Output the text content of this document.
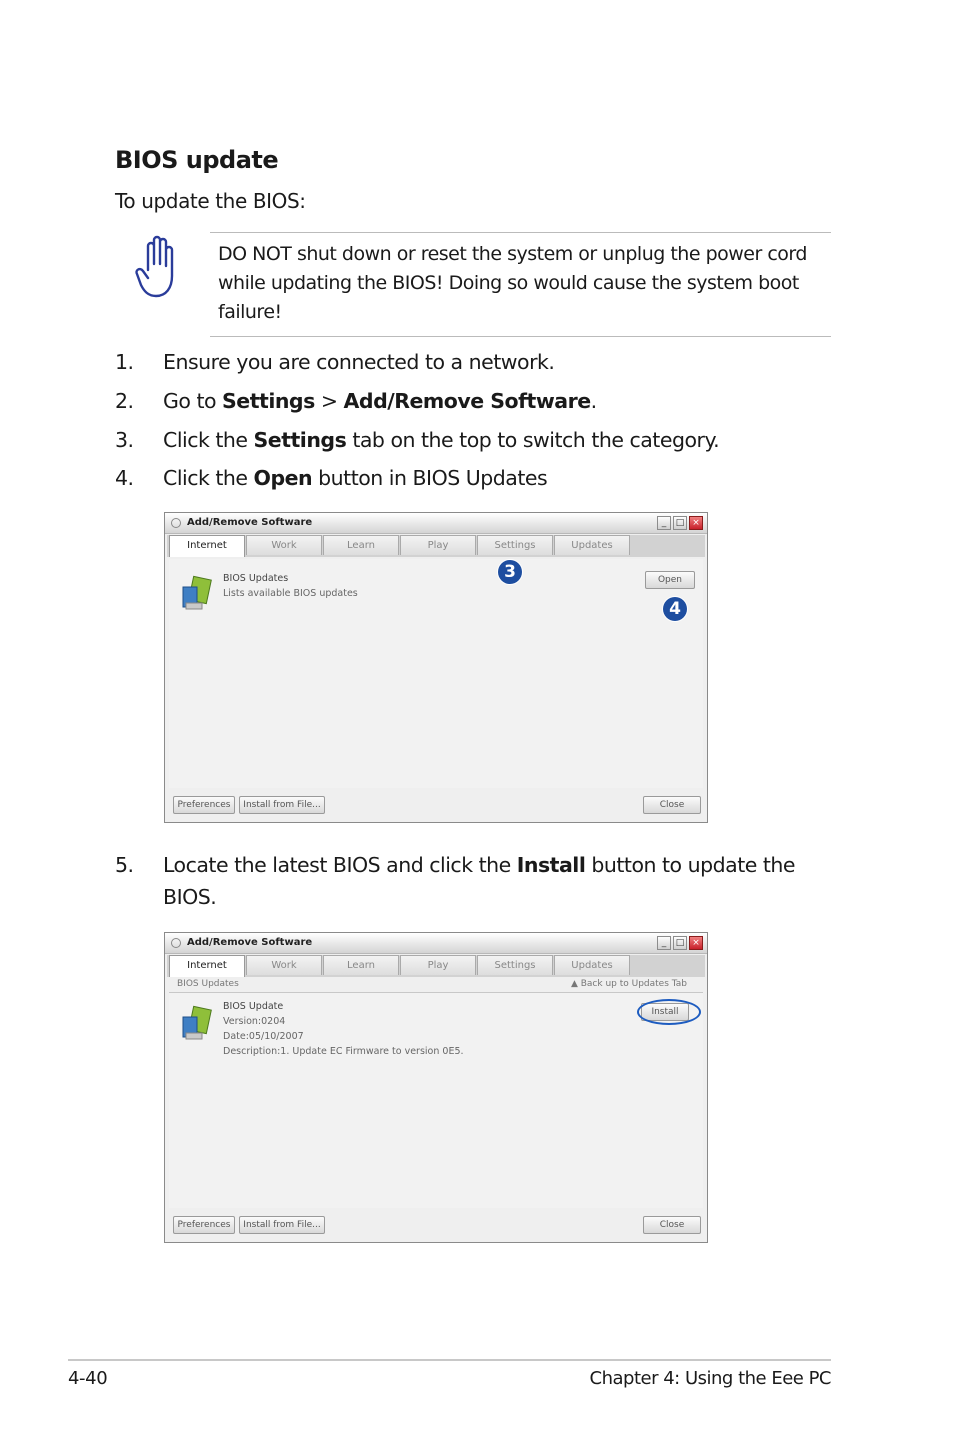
BIOS update
To update the BIOS:
DO NOT shut down or reset the system or unplug the power cord while updating the BIOS! Doing so would cause the system boot failure!
1. Ensure you are connected to a network.
2. Go to Settings > Add/Remove Software.
3. Click the Settings tab on the top to switch the category.
4. Click the Open button in BIOS Updates
Add/Remove Software	_	□ ×
Internet	Work	Learn	Play	Settings	Updates
BIOS Updates
Lists available BIOS updates
Open
3
4
Preferences	Install from File...	Close
5. Locate the latest BIOS and click the Install button to update the BIOS.
Add/Remove Software	_	□ ×
Internet	Work	Learn	Play	Settings	Updates
BIOS Update
Version:0204
Date:05/10/2007
Description:1. Update EC Firmware to version 0E5.
Install
BIOS Updates	▲ Back up to Updates Tab
Preferences	Install from File...	Close
4-40	Chapter 4: Using the Eee PC
